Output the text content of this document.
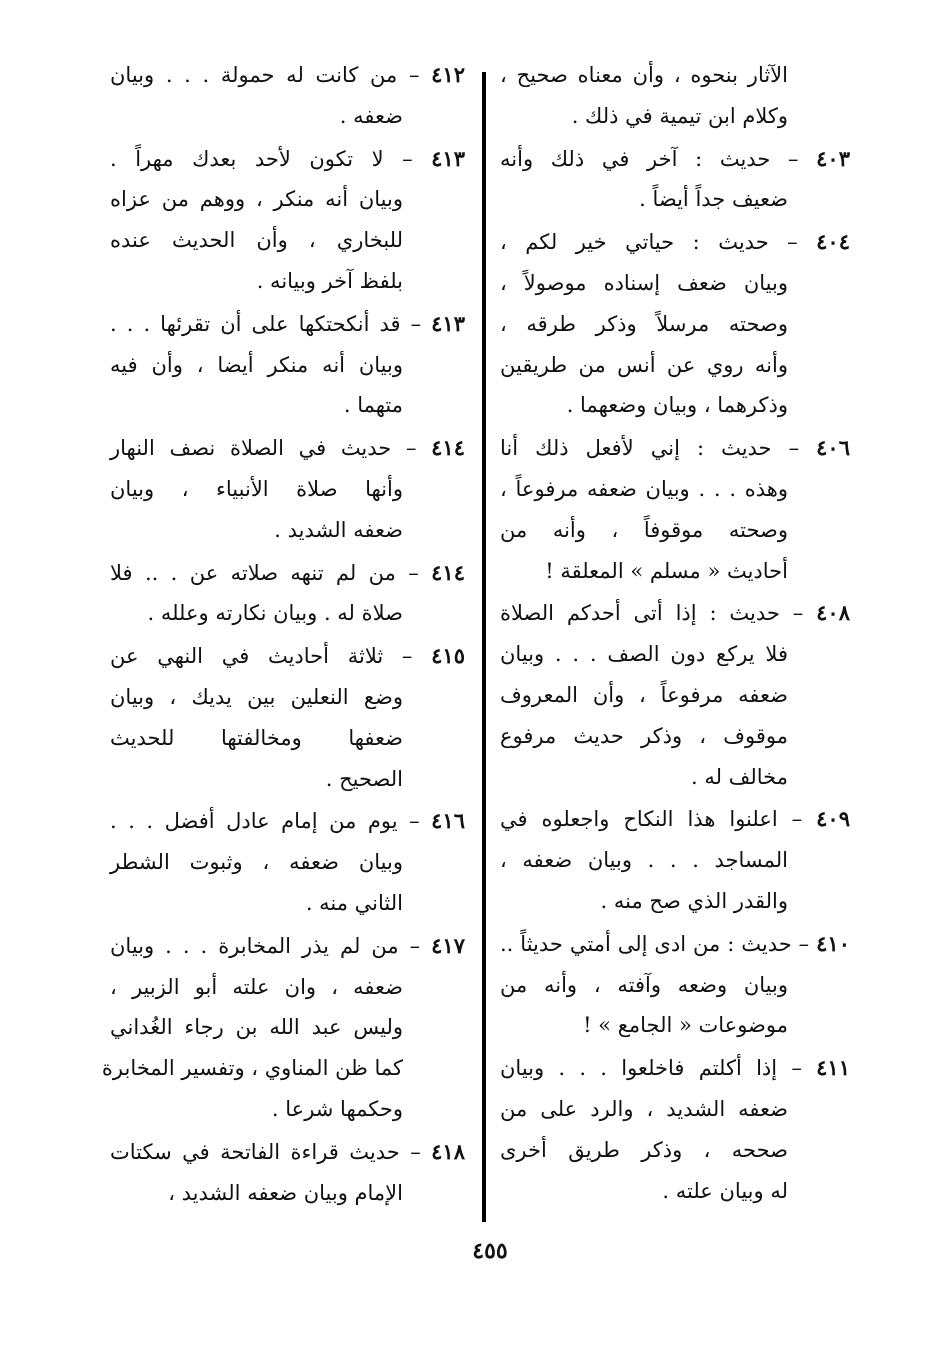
الآثار بنحوه ، وأن معناه صحيح ،
وكلام ابن تيمية في ذلك .
٤٠٣ – حديث : آخر في ذلك وأنه
ضعيف جداً أيضاً .
٤٠٤ – حديث : حياتي خير لكم ،
وبيان ضعف إسناده موصولاً ،
وصحته مرسلاً وذكر طرقه ،
وأنه روي عن أنس من طريقين
وذكرهما ، وبيان وضعهما .
٤٠٦ – حديث : إني لأفعل ذلك أنا
وهذه . . . وبيان ضعفه مرفوعاً ،
وصحته موقوفاً ، وأنه من
أحاديث « مسلم » المعلقة !
٤٠٨ – حديث : إذا أتى أحدكم الصلاة
فلا يركع دون الصف . . . وبيان
ضعفه مرفوعاً ، وأن المعروف
موقوف ، وذكر حديث مرفوع
مخالف له .
٤٠٩ – اعلنوا هذا النكاح واجعلوه في
المساجد . . . وبيان ضعفه ،
والقدر الذي صح منه .
٤١٠ – حديث : من ادى إلى أمتي حديثاً ..
وبيان وضعه وآفته ، وأنه من
موضوعات « الجامع » !
٤١١ – إذا أكلتم فاخلعوا . . . وبيان
ضعفه الشديد ، والرد على من
صححه ، وذكر طريق أخرى
له وبيان علته .
٤١٢ – من كانت له حمولة . . . وبيان
ضعفه .
٤١٣ – لا تكون لأحد بعدك مهراً .
وبيان أنه منكر ، ووهم من عزاه
للبخاري ، وأن الحديث عنده
بلفظ آخر وبيانه .
٤١٣ – قد أنكحتكها على أن تقرئها . . .
وبيان أنه منكر أيضا ، وأن فيه
متهما .
٤١٤ – حديث في الصلاة نصف النهار
وأنها صلاة الأنبياء ، وبيان
ضعفه الشديد .
٤١٤ – من لم تنهه صلاته عن . .. فلا
صلاة له . وبيان نكارته وعلله .
٤١٥ – ثلاثة أحاديث في النهي عن
وضع النعلين بين يديك ، وبيان
ضعفها ومخالفتها للحديث
الصحيح .
٤١٦ – يوم من إمام عادل أفضل . . .
وبيان ضعفه ، وثبوت الشطر
الثاني منه .
٤١٧ – من لم يذر المخابرة . . . وبيان
ضعفه ، وان علته أبو الزبير ،
وليس عبد الله بن رجاء الغُداني
كما ظن المناوي ، وتفسير المخابرة
وحكمها شرعا .
٤١٨ – حديث قراءة الفاتحة في سكتات
الإمام وبيان ضعفه الشديد ،
٤٥٥
